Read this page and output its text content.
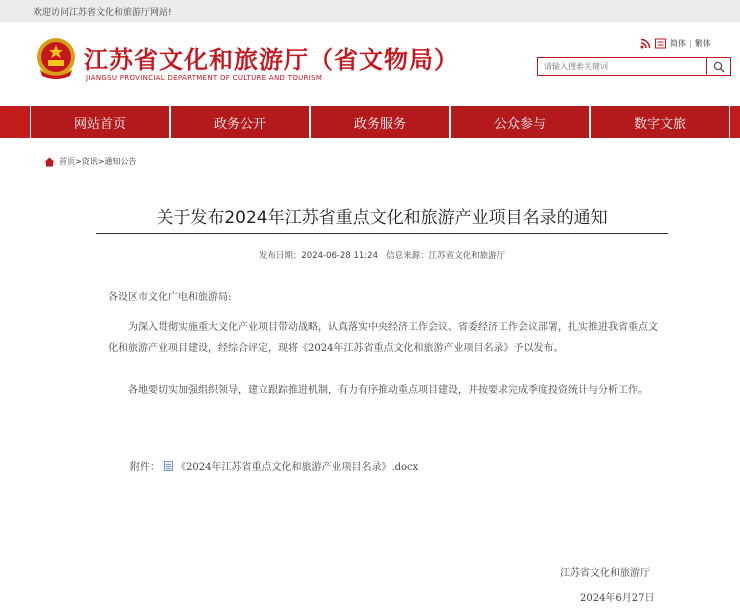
欢迎访问江苏省文化和旅游厅网站!
江苏省文化和旅游厅（省文物局）
JIANGSU PROVINCIAL DEPARTMENT OF CULTURE AND TOURISM
简体 | 繁体
请输入搜索关键词
网站首页	政务公开	政务服务	公众参与	数字文旅
首页>资讯>通知公告
关于发布2024年江苏省重点文化和旅游产业项目名录的通知
发布日期：2024-06-28 11:24 信息来源：江苏省文化和旅游厅

各设区市文化广电和旅游局:

为深入贯彻实施重大文化产业项目带动战略，认真落实中央经济工作会议、省委经济工作会议部署，扎实推进我省重点文化和旅游产业项目建设，经综合评定，现将《2024年江苏省重点文化和旅游产业项目名录》予以发布。

各地要切实加强组织领导，建立跟踪推进机制，有力有序推动重点项目建设，并按要求完成季度投资统计与分析工作。

附件： 《2024年江苏省重点文化和旅游产业项目名录》.docx

江苏省文化和旅游厅

2024年6月27日
